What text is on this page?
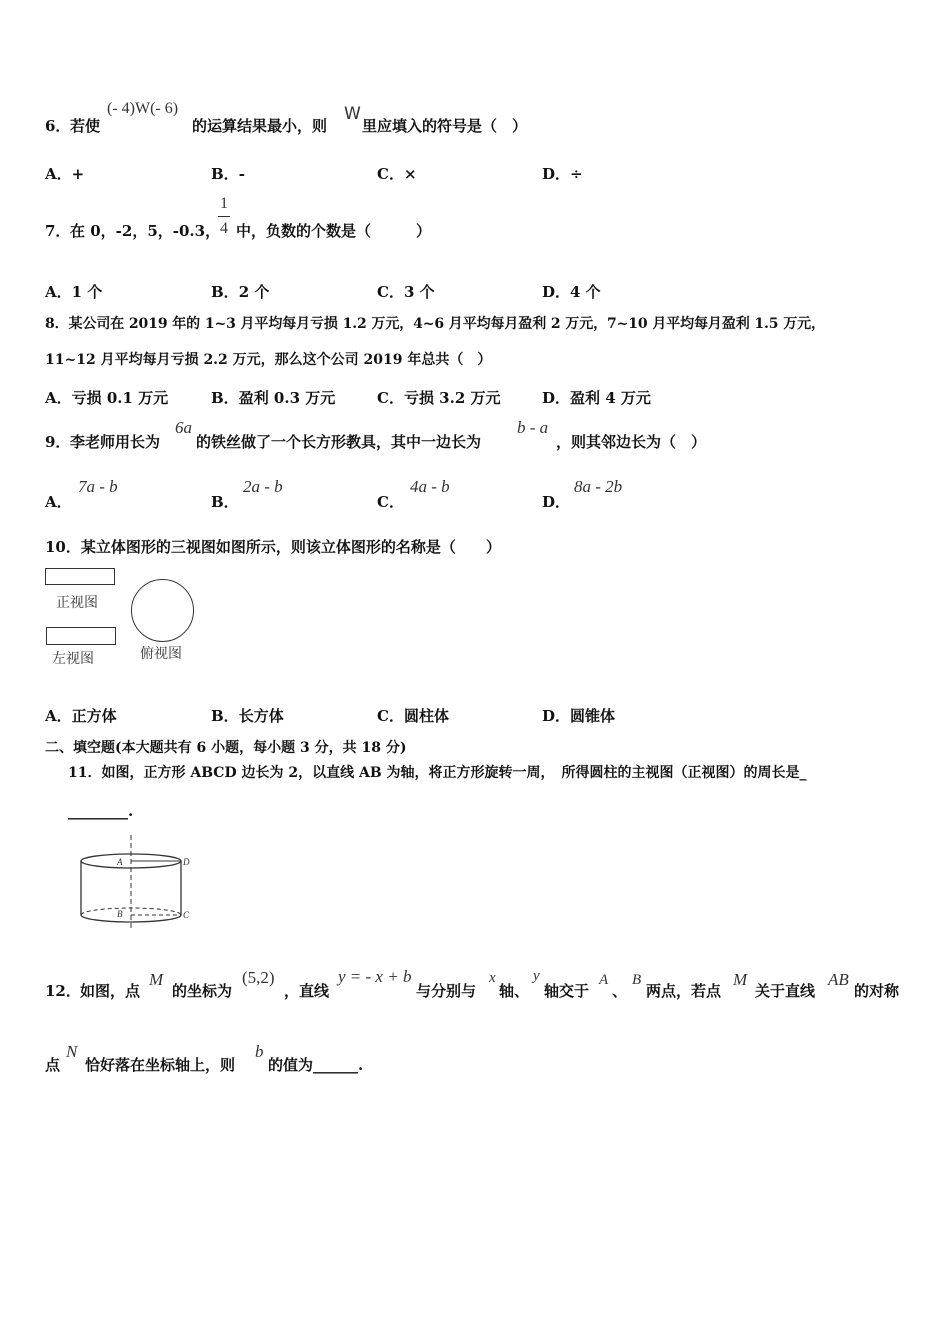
6． 若使
(- 4)W(- 6)
的运算结果最小，则
W
里应填入的符号是（　）
A．+	B．-	C．×	D．÷
7． 在 0，-2，5，-0.3，
1
4 中，负数的个数是（　　　）
A．1 个	B．2 个	C．3 个	D．4 个
8．某公司在 2019 年的 1~3 月平均每月亏损 1.2 万元，4~6 月平均每月盈利 2 万元，7~10 月平均每月盈利 1.5 万元，
11~12 月平均每月亏损 2.2 万元，那么这个公司 2019 年总共（　）
A．亏损 0.1 万元	B．盈利 0.3 万元	C．亏损 3.2 万元	D．盈利 4 万元
9． 李老师用长为
6a
的铁丝做了一个长方形教具，其中一边长为
b - a
，则其邻边长为（　）
A．
7a - b
B．
2a - b
C．
4a - b
D．
8a - 2b
10．某立体图形的三视图如图所示，则该立体图形的名称是（　　）
正视图
左视图	俯视图
A．正方体	B．长方体	C．圆柱体	D．圆锥体
二、填空题(本大题共有 6 小题，每小题 3 分，共 18 分)
11．如图，正方形 ABCD 边长为 2，以直线 AB 为轴，将正方形旋转一周，　所得圆柱的主视图（正视图）的周长是_
________.
A	D
B	C
12． 如图，点
M
的坐标为
(5,2)
，直线
y = - x + b
与分别与
x
轴、
y
轴交于
A
、
B
两点，若点
M
关于直线
AB
的对称
点
N
恰好落在坐标轴上，则
b
的值为______.
